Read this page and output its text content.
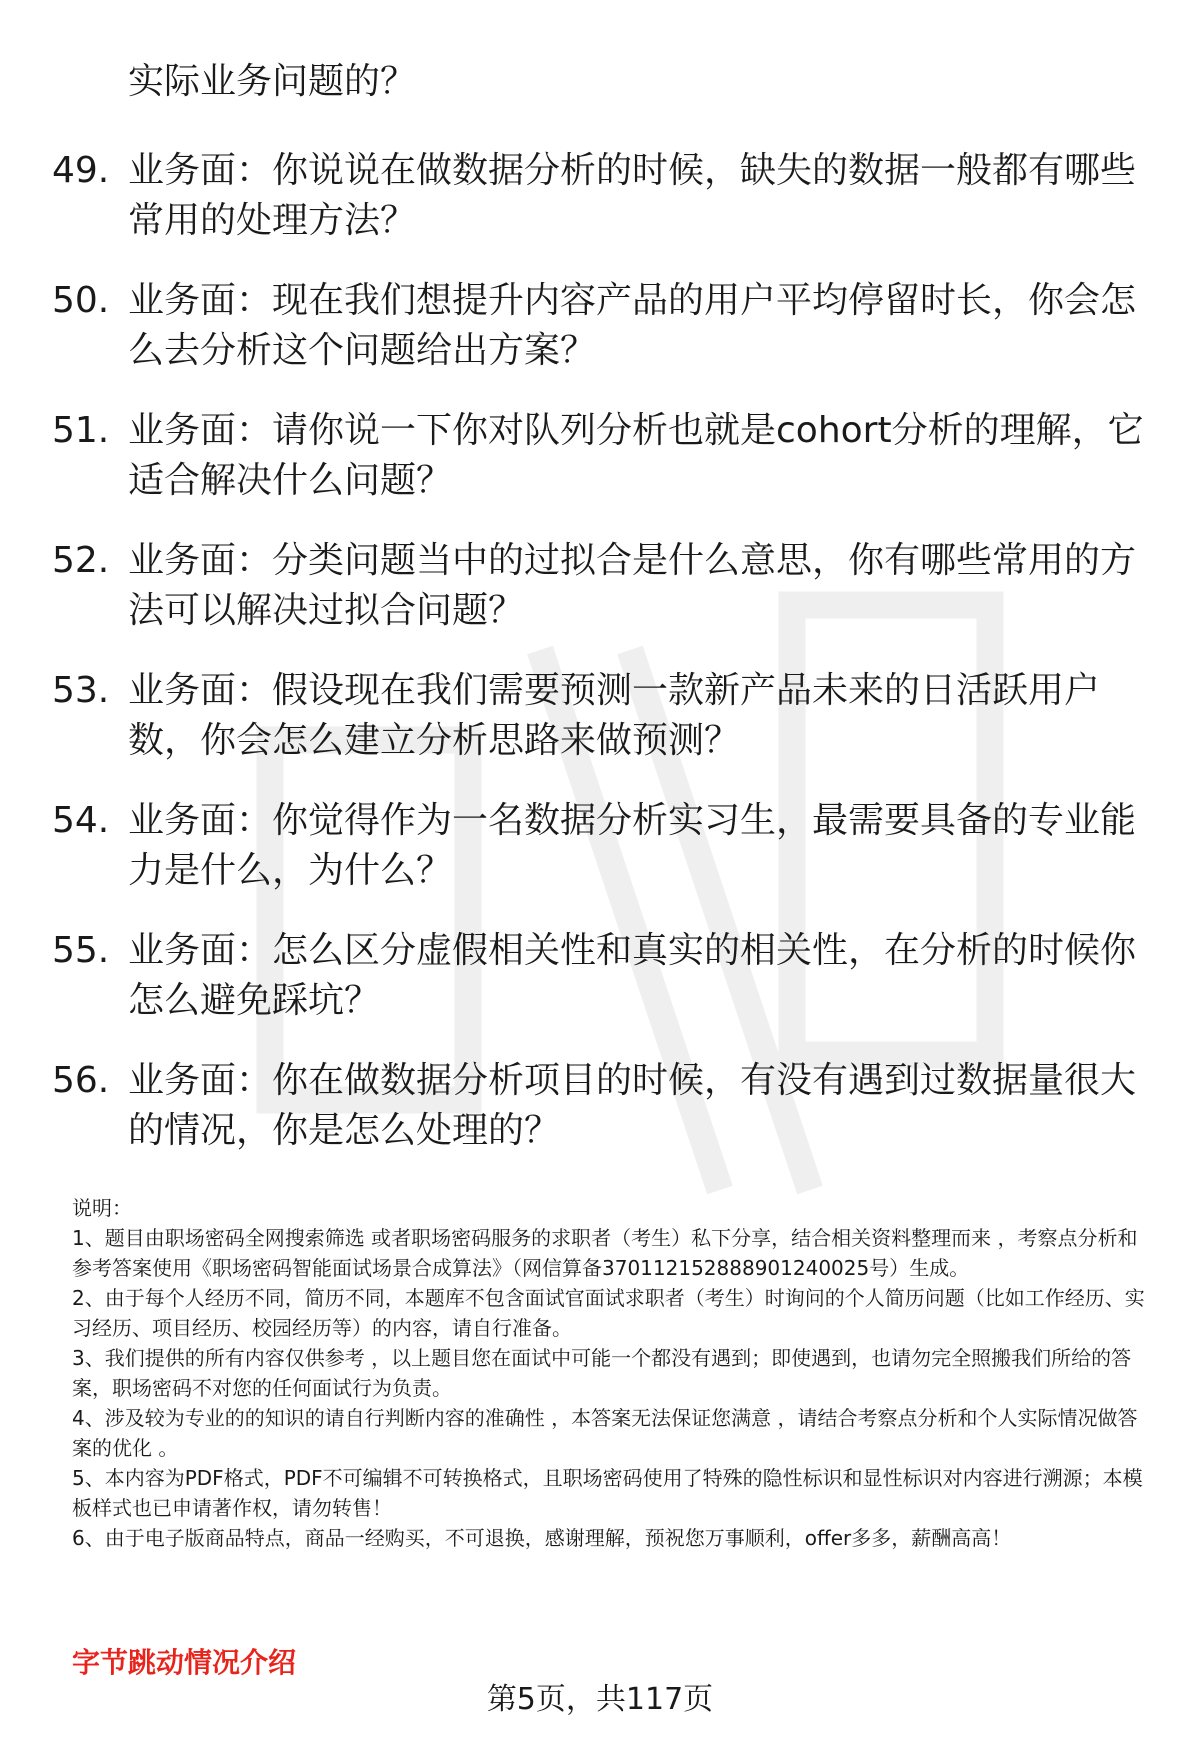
实际业务问题的？
49. 业务面：你说说在做数据分析的时候，缺失的数据一般都有哪些常用的处理方法？
50. 业务面：现在我们想提升内容产品的用户平均停留时长，你会怎么去分析这个问题给出方案？
51. 业务面：请你说一下你对队列分析也就是cohort分析的理解，它适合解决什么问题？
52. 业务面：分类问题当中的过拟合是什么意思，你有哪些常用的方法可以解决过拟合问题？
53. 业务面：假设现在我们需要预测一款新产品未来的日活跃用户数，你会怎么建立分析思路来做预测？
54. 业务面：你觉得作为一名数据分析实习生，最需要具备的专业能力是什么，为什么？
55. 业务面：怎么区分虚假相关性和真实的相关性，在分析的时候你怎么避免踩坑？
56. 业务面：你在做数据分析项目的时候，有没有遇到过数据量很大的情况，你是怎么处理的？

说明：

1、题目由职场密码全网搜索筛选 或者职场密码服务的求职者（考生）私下分享，结合相关资料整理而来 ，考察点分析和参考答案使用《职场密码智能面试场景合成算法》（网信算备370112152888901240025号）生成。

2、由于每个人经历不同，简历不同，本题库不包含面试官面试求职者（考生）时询问的个人简历问题（比如工作经历、实习经历、项目经历、校园经历等）的内容，请自行准备。

3、我们提供的所有内容仅供参考 ，以上题目您在面试中可能一个都没有遇到；即使遇到，也请勿完全照搬我们所给的答案，职场密码不对您的任何面试行为负责。

4、涉及较为专业的的知识的请自行判断内容的准确性 ，本答案无法保证您满意 ，请结合考察点分析和个人实际情况做答案的优化 。

5、本内容为PDF格式，PDF不可编辑不可转换格式，且职场密码使用了特殊的隐性标识和显性标识对内容进行溯源；本模板样式也已申请著作权，请勿转售！

6、由于电子版商品特点，商品一经购买，不可退换，感谢理解，预祝您万事顺利，offer多多，薪酬高高！

字节跳动情况介绍
第5页，共117页
